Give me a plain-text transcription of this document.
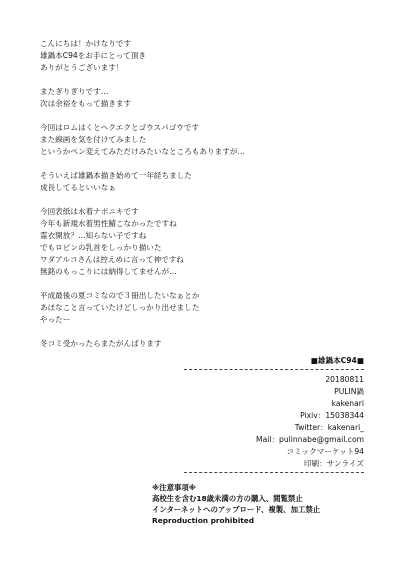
こんにちは！かけなりです
雄鍋本C94をお手にとって頂き
ありがとうございます！
またぎりぎりです…
次は余裕をもって描きます
今回はロムはくとヘクエクとゴウスパゴウです
また線画を気を付けてみました
というかペン変えてみただけみたいなところもありますが…
そういえば雄鍋本描き始めて一年経ちました
成長してるといいなぁ
今回表紙は水着ナポニキです
今年も新規水着男性鯖こなかったですね
霊衣開放？…知らない子ですね
でもロビンの乳首をしっかり描いた
ワダアルコさんは控えめに言って神ですね
無銘のもっこりには納得してませんが…
平成最後の夏コミなので３冊出したいなぁとか
あほなこと言っていたけどしっかり出せました
やったー
冬コミ受かったらまたがんばります
■雄鍋本C94■
20180811
PULIN鍋
kakenari
Pixiv：15038344
Twitter：kakenari_
Mail：pulinnabe@gmail.com
コミックマーケット94
印刷：サンライズ
※注意事項※
高校生を含む18歳未満の方の購入、閲覧禁止
インターネットへのアップロード、複製、加工禁止
Reproduction prohibited
